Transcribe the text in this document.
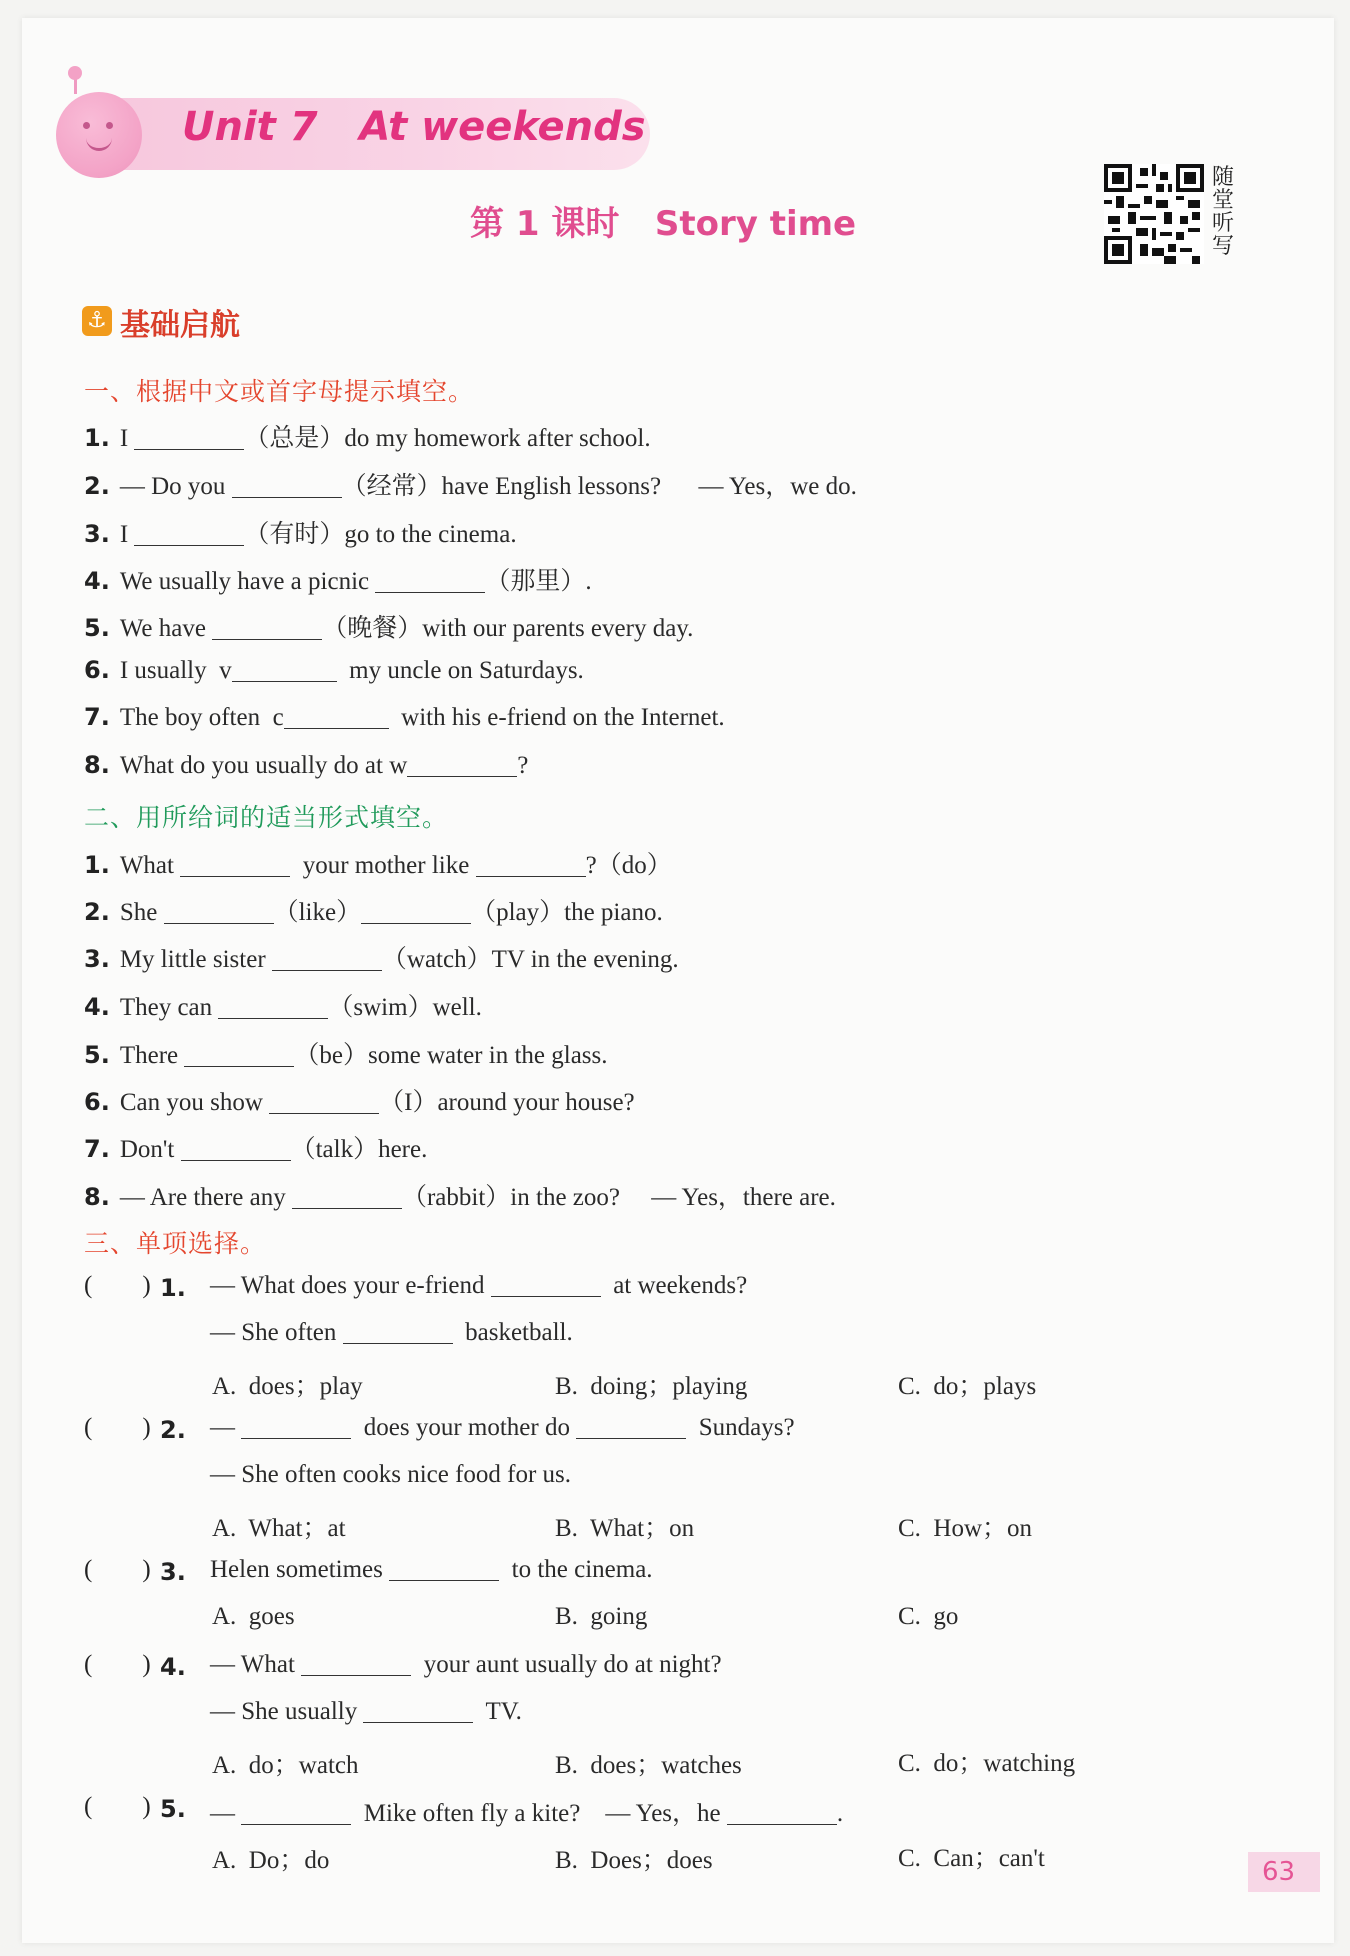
Unit 7   At weekends
第 1 课时   Story time
随堂听写
⚓ 基础启航
一、根据中文或首字母提示填空。
1. I	（总是）do my homework after school.
2. — Do you	（经常）have English lessons?      — Yes，we do.
3. I	（有时）go to the cinema.
4. We usually have a picnic	（那里）.
5. We have	（晚餐）with our parents every day.
6. I usually  v	my uncle on Saturdays.
7. The boy often  c	with his e-friend on the Internet.
8. What do you usually do at w	?
二、用所给词的适当形式填空。
1. What	your mother like	?（do）
2. She	（like）	（play）the piano.
3. My little sister	（watch）TV in the evening.
4. They can	（swim）well.
5. There	（be）some water in the glass.
6. Can you show	（I）around your house?
7. Don't	（talk）here.
8. — Are there any	（rabbit）in the zoo?     — Yes，there are.
三、单项选择。
(        ) 1. — What does your e-friend	at weekends?
— She often	basketball.
A.  does；play	B.  doing；playing	C.  do；plays
(        ) 2. —	does your mother do	Sundays?
— She often cooks nice food for us.
A.  What；at	B.  What；on	C.  How；on
(        ) 3. Helen sometimes	to the cinema.
A.  goes	B.  going	C.  go
(        ) 4. — What	your aunt usually do at night?
— She usually	TV.
A.  do；watch	B.  does；watches	C.  do；watching
(        ) 5. —	Mike often fly a kite?    — Yes，he	.
A.  Do；do	B.  Does；does	C.  Can；can't	63
